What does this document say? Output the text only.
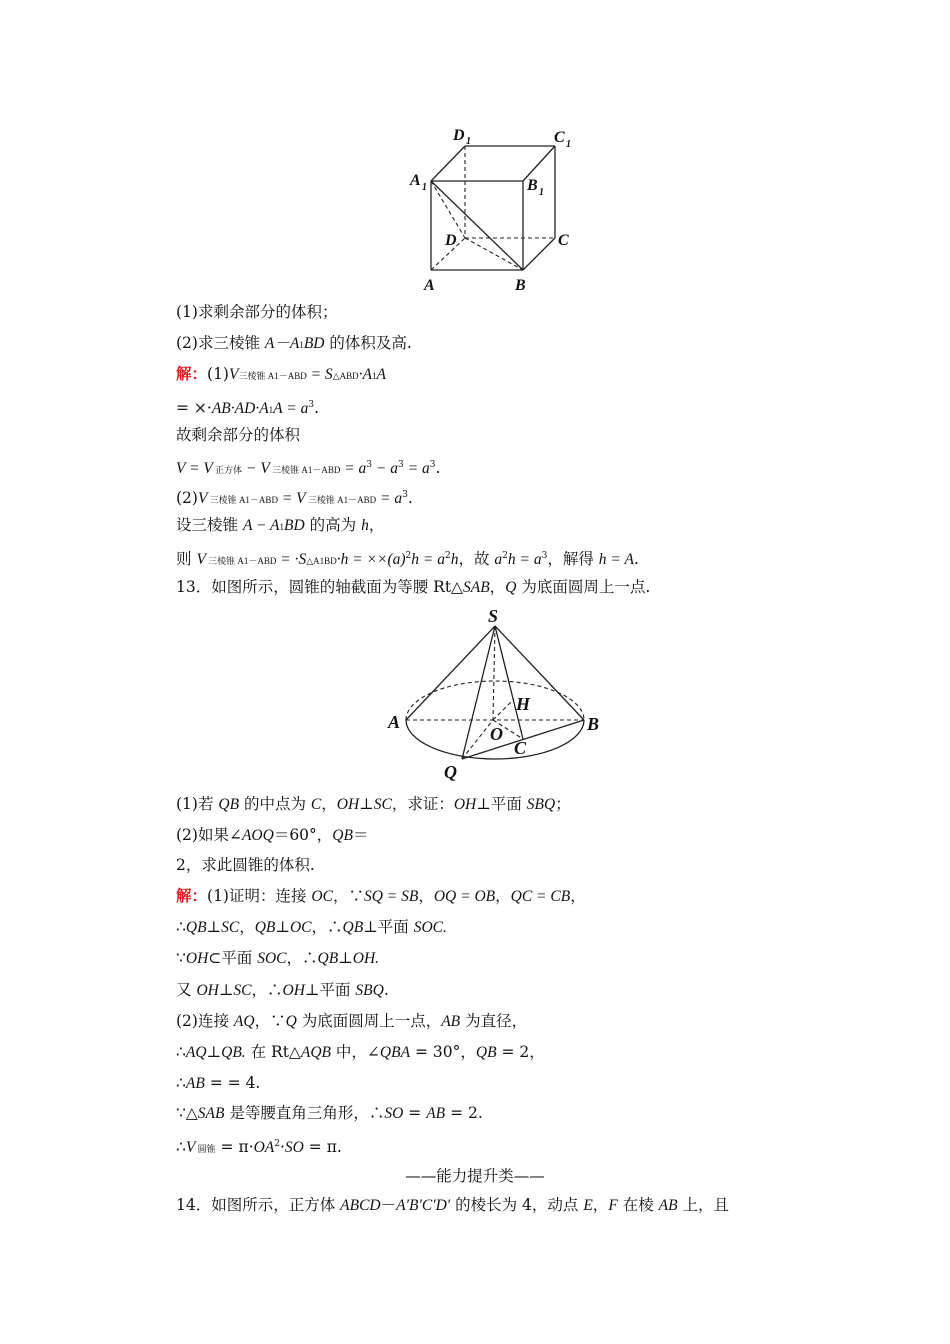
D 1	C 1
A 1	B 1
D	C
A	B
(1)求剩余部分的体积；
(2)求三棱锥 A－A1BD 的体积及高.
解：(1)V三棱锥 A1－ABD = S△ABD·A1A
= $\times\cdot AB\cdot AD\cdot A1A = a^3$.
故剩余部分的体积
V = V 正方体 − V 三棱锥 $A1-ABD = a^3 - a^3 = a^3$.
(2)V 三棱锥 A1－ABD = V 三棱锥 $A1-ABD = a^3$.
设三棱锥 A − A1BD 的高为 h，
则 V 三棱锥 A1－ABD = ·S△A1BD·h = $\times\times(a)^2h = a^2h$，故 $a^2h = a^3$，解得 h = A.
13．如图所示，圆锥的轴截面为等腰 Rt△SAB，Q 为底面圆周上一点.
S
A	B
H
O
C
Q
(1)若 QB 的中点为 C，OH⊥SC，求证：OH⊥平面 SBQ；
(2)如果∠AOQ＝60°，QB＝
2，求此圆锥的体积.
解：(1)证明：连接 OC，∵SQ = SB，OQ = OB，QC = CB，
∴QB⊥SC，QB⊥OC，∴QB⊥平面 SOC.
∵OH⊂平面 SOC，∴QB⊥OH.
又 OH⊥SC，∴OH⊥平面 SBQ.
(2)连接 AQ，∵Q 为底面圆周上一点，AB 为直径，
∴AQ⊥QB. 在 Rt△AQB 中，∠QBA = 30°，QB = 2，
∴AB = = 4.
∵△SAB 是等腰直角三角形，∴SO = AB = 2.
∴V 圆锥 = $\pi\cdot OA^2\cdot SO = \pi$.
——能力提升类——
14．如图所示，正方体 ABCD－A′B′C′D′ 的棱长为 4，动点 E，F 在棱 AB 上，且
